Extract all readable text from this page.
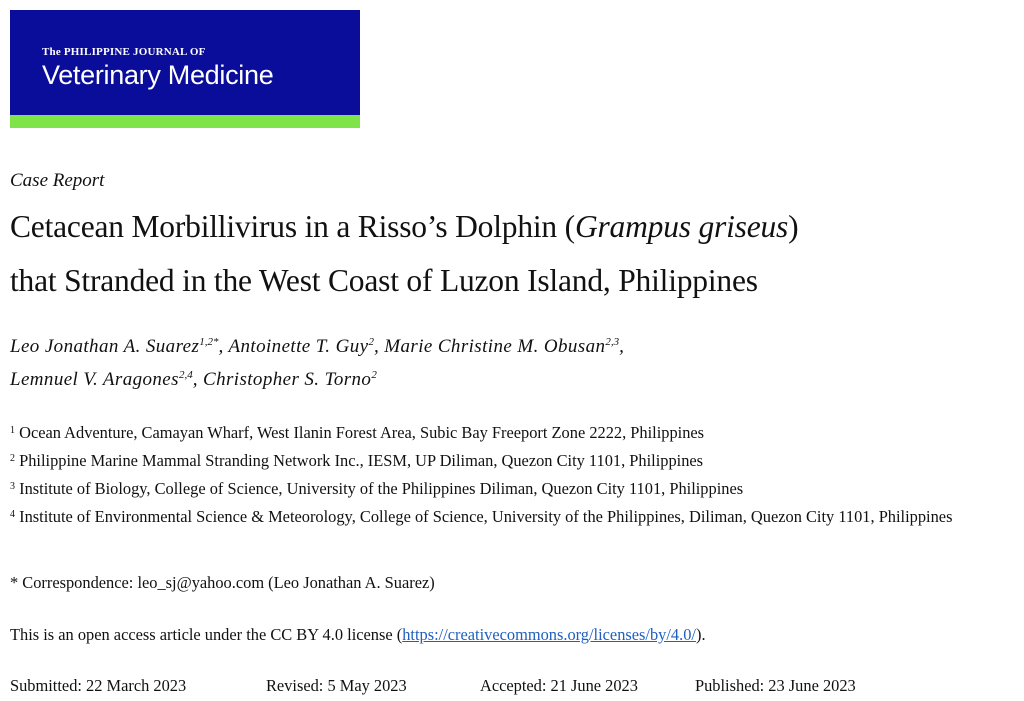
The PHILIPPINE JOURNAL OF
Veterinary Medicine
Case Report
Cetacean Morbillivirus in a Risso’s Dolphin (Grampus griseus)
that Stranded in the West Coast of Luzon Island, Philippines
Leo Jonathan A. Suarez$^{1,2*}$, Antoinette T. Guy$^2$, Marie Christine M. Obusan$^{2,3}$,
Lemnuel V. Aragones$^{2,4}$, Christopher S. Torno$^2$
$^1$ Ocean Adventure, Camayan Wharf, West Ilanin Forest Area, Subic Bay Freeport Zone 2222, Philippines
$^2$ Philippine Marine Mammal Stranding Network Inc., IESM, UP Diliman, Quezon City 1101, Philippines
$^3$ Institute of Biology, College of Science, University of the Philippines Diliman, Quezon City 1101, Philippines
$^4$ Institute of Environmental Science & Meteorology, College of Science, University of the Philippines, Diliman, Quezon City 1101, Philippines
* Correspondence: leo_sj@yahoo.com (Leo Jonathan A. Suarez)
This is an open access article under the CC BY 4.0 license (https://creativecommons.org/licenses/by/4.0/).
Submitted: 22 March 2023	Revised: 5 May 2023	Accepted: 21 June 2023	Published: 23 June 2023
